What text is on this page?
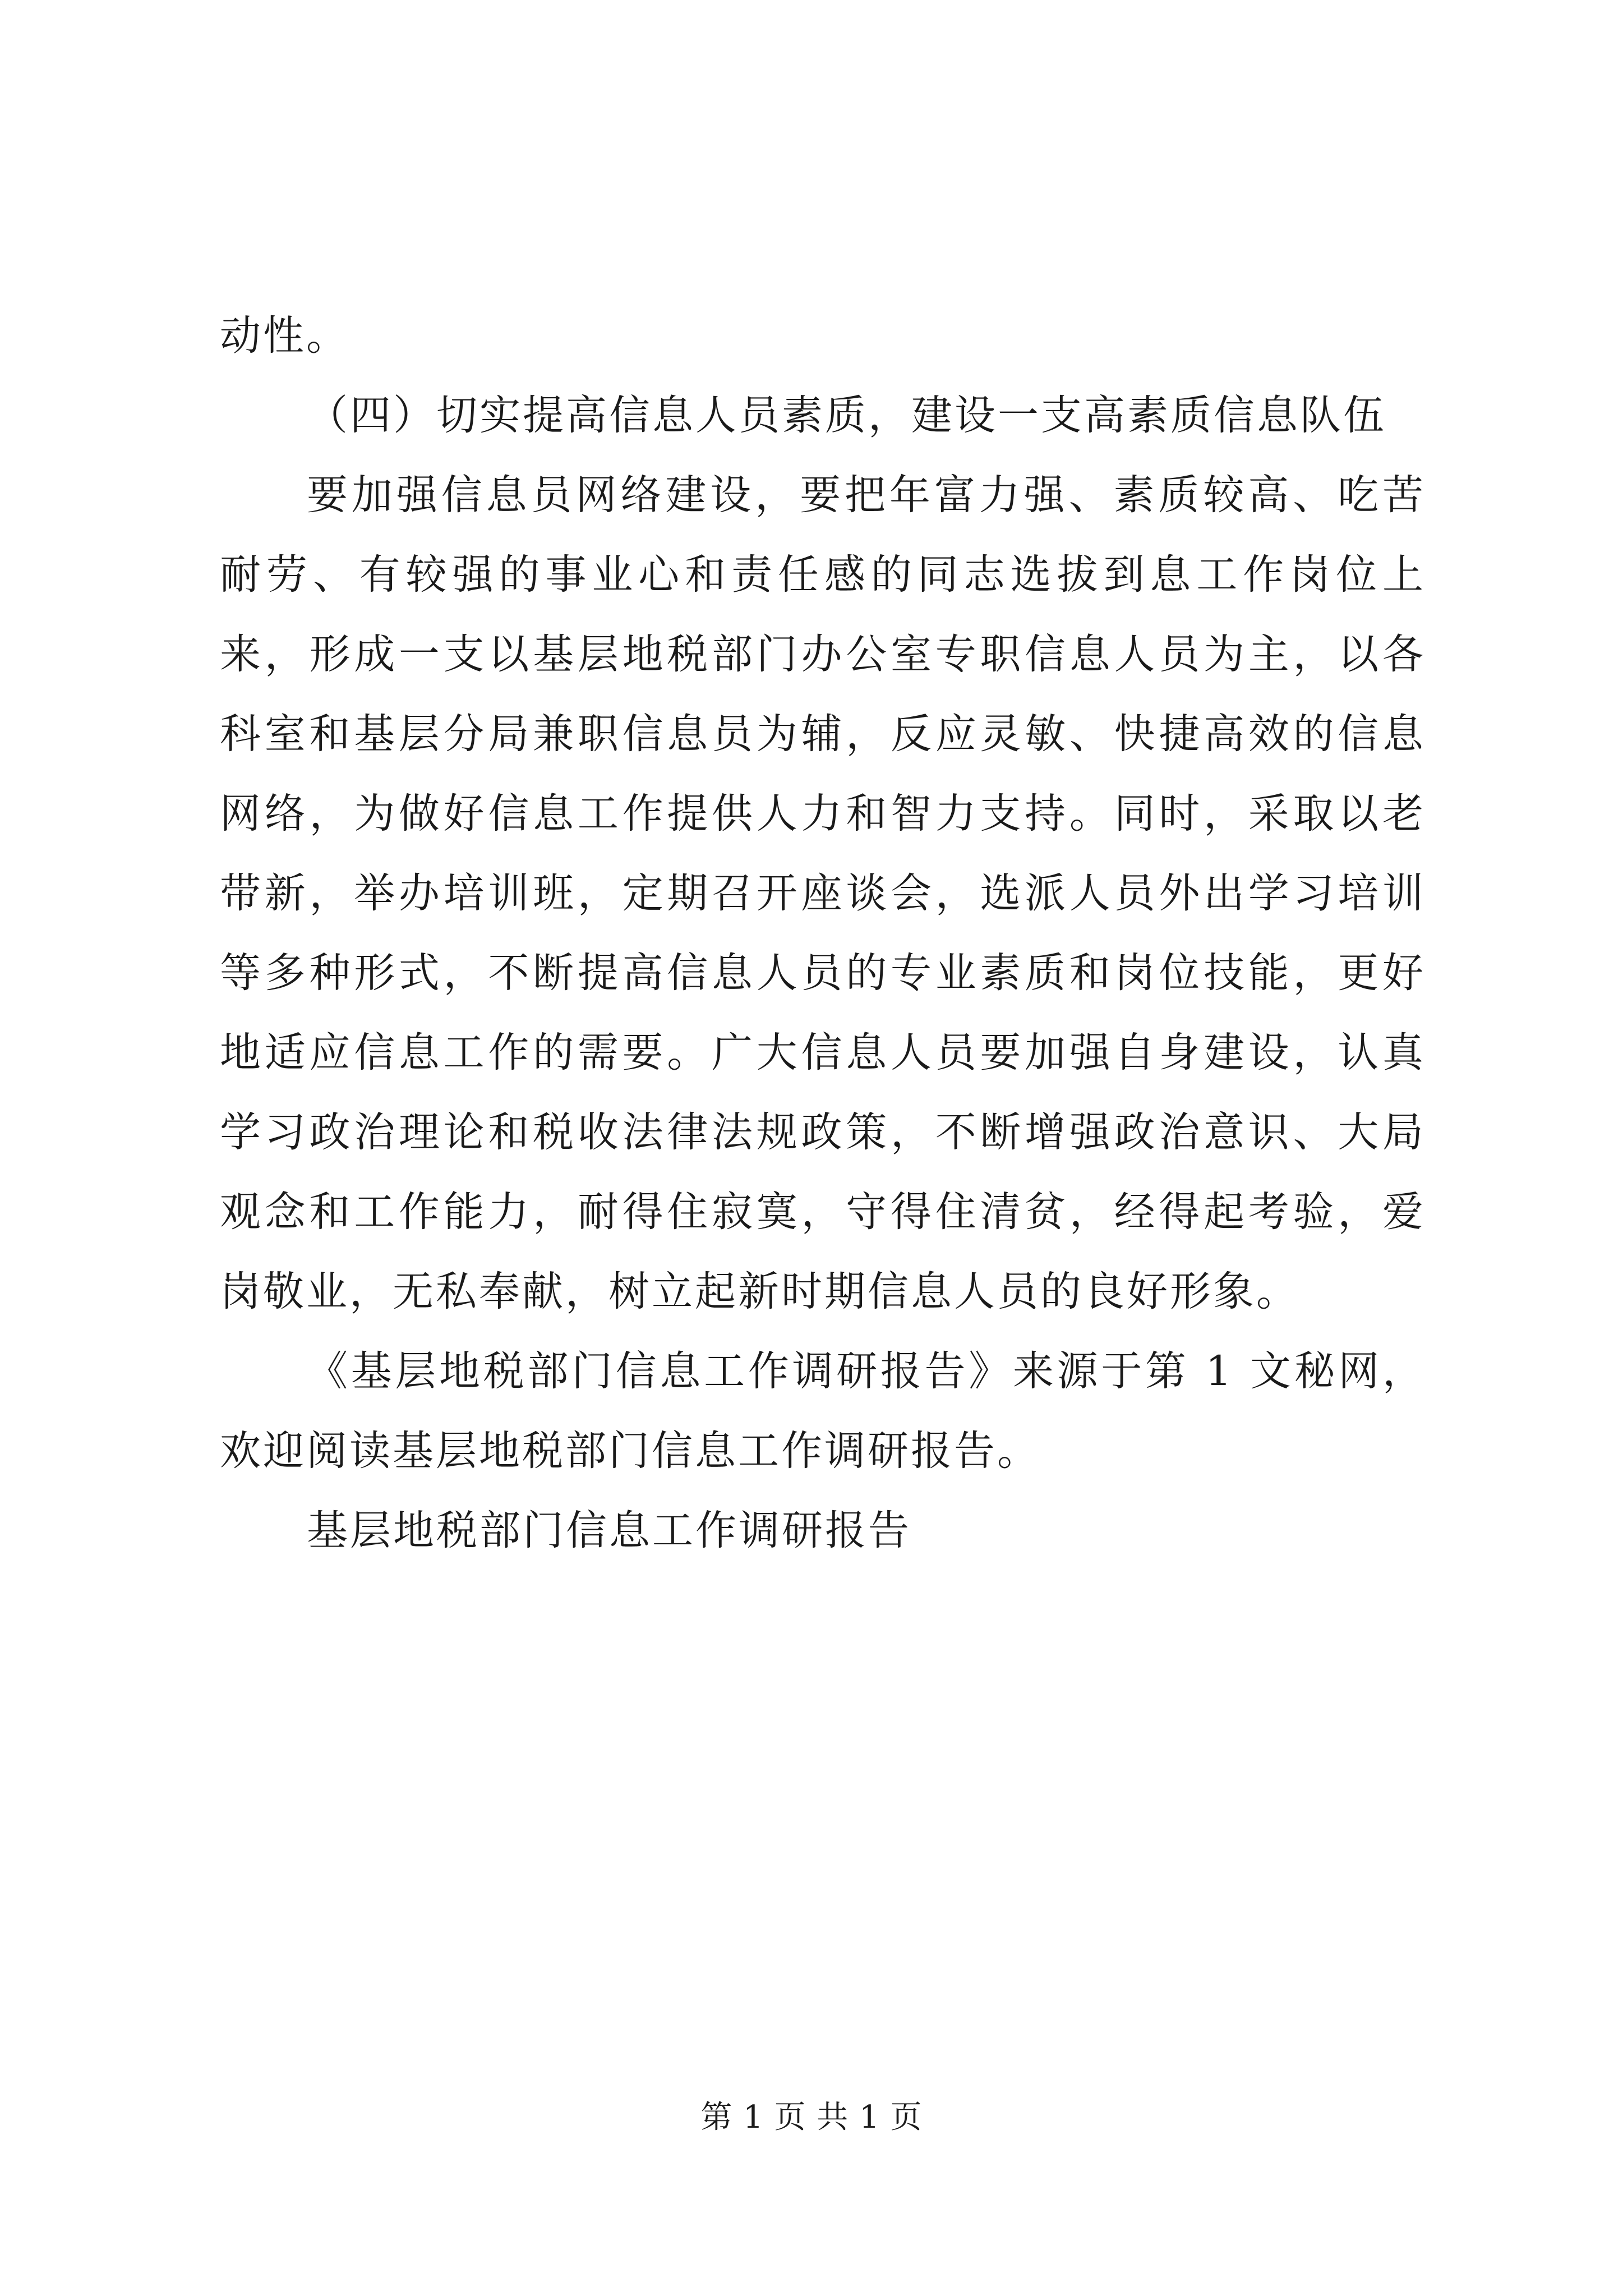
动性。

（四）切实提高信息人员素质，建设一支高素质信息队伍

要加强信息员网络建设，要把年富力强、素质较高、吃苦耐劳、有较强的事业心和责任感的同志选拔到息工作岗位上来，形成一支以基层地税部门办公室专职信息人员为主，以各科室和基层分局兼职信息员为辅，反应灵敏、快捷高效的信息网络，为做好信息工作提供人力和智力支持。同时，采取以老带新，举办培训班，定期召开座谈会，选派人员外出学习培训等多种形式，不断提高信息人员的专业素质和岗位技能，更好地适应信息工作的需要。广大信息人员要加强自身建设，认真学习政治理论和税收法律法规政策，不断增强政治意识、大局观念和工作能力，耐得住寂寞，守得住清贫，经得起考验，爱岗敬业，无私奉献，树立起新时期信息人员的良好形象。

《基层地税部门信息工作调研报告》来源于第 1 文秘网，欢迎阅读基层地税部门信息工作调研报告。

基层地税部门信息工作调研报告

第 1 页 共 1 页
